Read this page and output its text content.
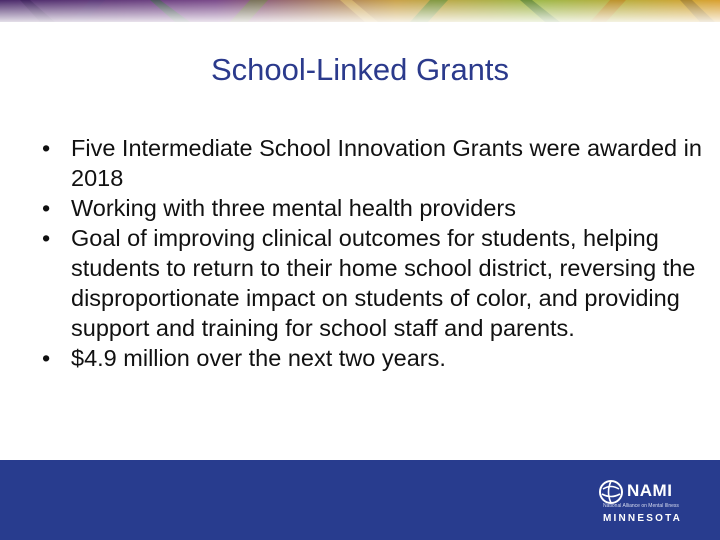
School-Linked Grants
• Five Intermediate School Innovation Grants were awarded in 2018
• Working with three mental health providers
• Goal of improving clinical outcomes for students, helping students to return to their home school district, reversing the disproportionate impact on students of color, and providing support and training for school staff and parents.
• $4.9 million over the next two years.
NAMI
National Alliance on Mental Illness
MINNESOTA
